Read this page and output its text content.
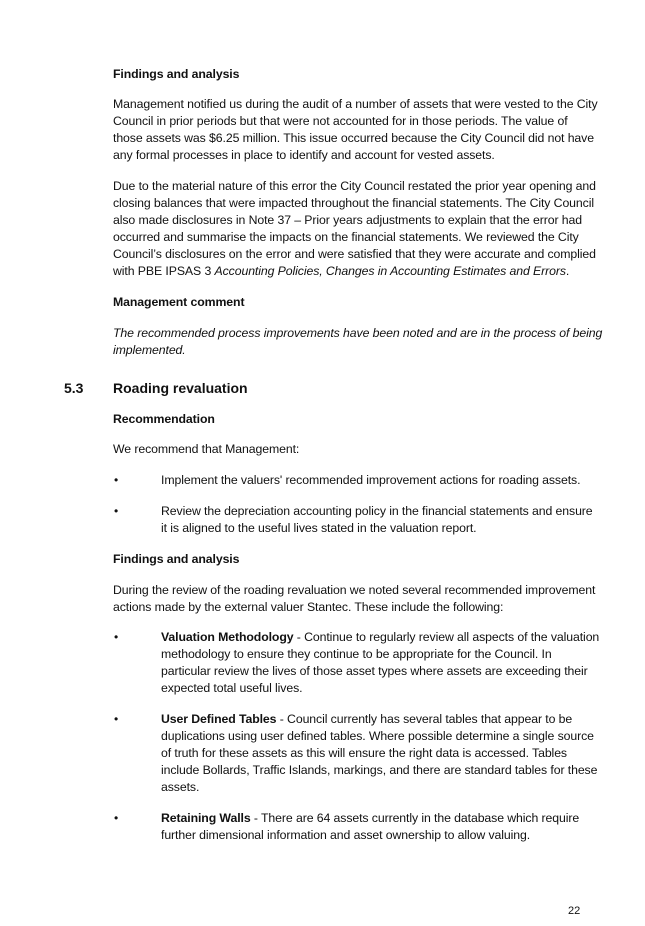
Findings and analysis
Management notified us during the audit of a number of assets that were vested to the City
Council in prior periods but that were not accounted for in those periods. The value of
those assets was $6.25 million. This issue occurred because the City Council did not have
any formal processes in place to identify and account for vested assets.
Due to the material nature of this error the City Council restated the prior year opening and
closing balances that were impacted throughout the financial statements. The City Council
also made disclosures in Note 37 – Prior years adjustments to explain that the error had
occurred and summarise the impacts on the financial statements. We reviewed the City
Council’s disclosures on the error and were satisfied that they were accurate and complied
with PBE IPSAS 3 Accounting Policies, Changes in Accounting Estimates and Errors.
Management comment
The recommended process improvements have been noted and are in the process of being
implemented.
5.3 Roading revaluation
Recommendation
We recommend that Management:
•	Implement the valuers' recommended improvement actions for roading assets.
•	Review the depreciation accounting policy in the financial statements and ensure
it is aligned to the useful lives stated in the valuation report.
Findings and analysis
During the review of the roading revaluation we noted several recommended improvement
actions made by the external valuer Stantec. These include the following:
•	Valuation Methodology - Continue to regularly review all aspects of the valuation
methodology to ensure they continue to be appropriate for the Council. In
particular review the lives of those asset types where assets are exceeding their
expected total useful lives.
•	User Defined Tables - Council currently has several tables that appear to be
duplications using user defined tables. Where possible determine a single source
of truth for these assets as this will ensure the right data is accessed. Tables
include Bollards, Traffic Islands, markings, and there are standard tables for these
assets.
•	Retaining Walls - There are 64 assets currently in the database which require
further dimensional information and asset ownership to allow valuing.
22
